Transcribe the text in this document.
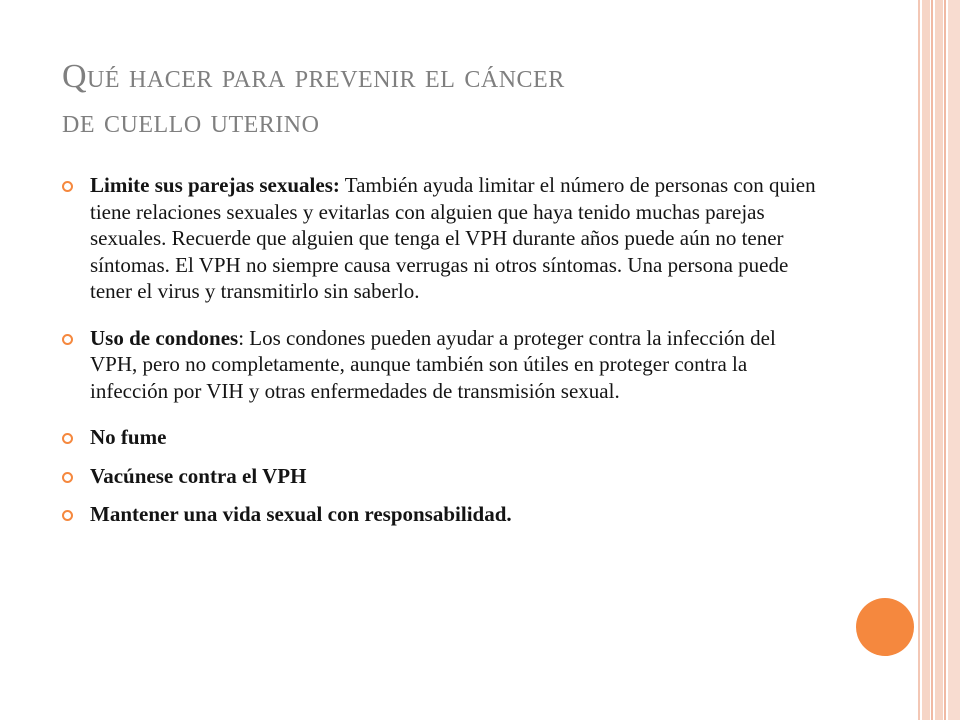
Qué hacer para prevenir el cáncer
de cuello uterino
Limite sus parejas sexuales: También ayuda limitar el número de personas con quien tiene relaciones sexuales y evitarlas con alguien que haya tenido muchas parejas sexuales. Recuerde que alguien que tenga el VPH durante años puede aún no tener síntomas. El VPH no siempre causa verrugas ni otros síntomas. Una persona puede tener el virus y transmitirlo sin saberlo.
Uso de condones: Los condones pueden ayudar a proteger contra la infección del VPH, pero no completamente, aunque también son útiles en proteger contra la infección por VIH y otras enfermedades de transmisión sexual.
No fume
Vacúnese contra el VPH
Mantener una vida sexual con responsabilidad.
